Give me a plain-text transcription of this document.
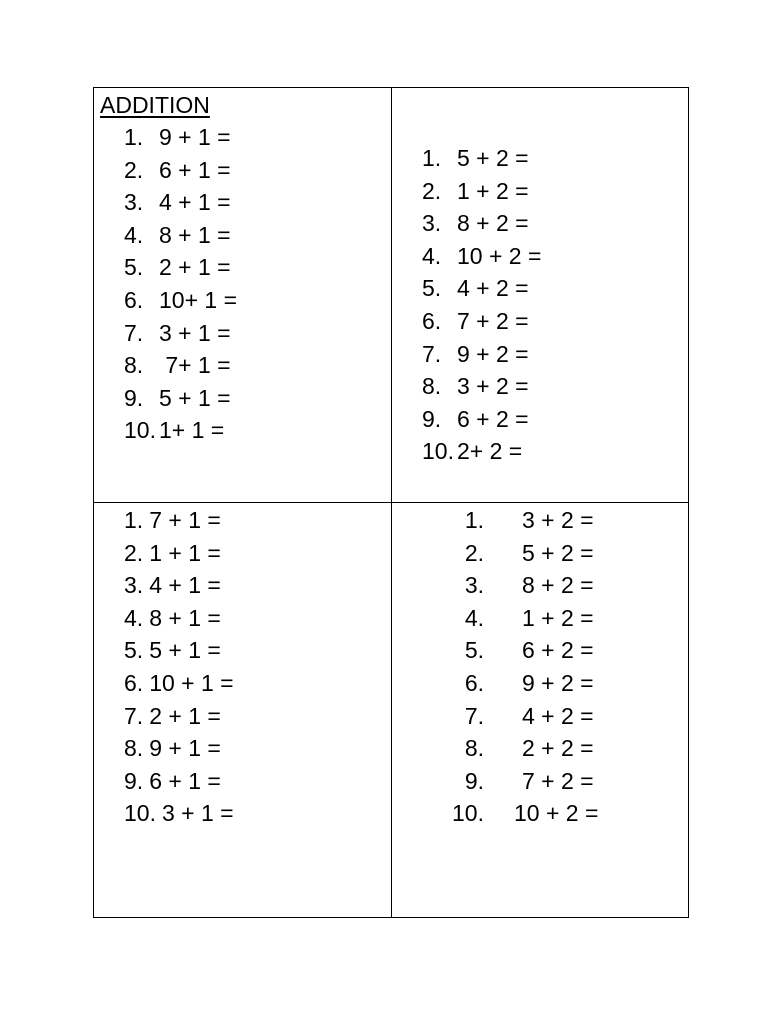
ADDITION
1. 9 + 1 =
2. 6 + 1 =
3. 4 + 1 =
4. 8 + 1 =
5. 2 + 1 =
6. 10+ 1 =
7. 3 + 1 =
8. 7+ 1 =
9. 5 + 1 =
10. 1+ 1 =
1. 5 + 2 =
2. 1 + 2 =
3. 8 + 2 =
4. 10 + 2 =
5. 4 + 2 =
6. 7 + 2 =
7. 9 + 2 =
8. 3 + 2 =
9. 6 + 2 =
10. 2+ 2 =
1. 7 + 1 =
2. 1 + 1 =
3. 4 + 1 =
4. 8 + 1 =
5. 5 + 1 =
6. 10 + 1 =
7. 2 + 1 =
8. 9 + 1 =
9. 6 + 1 =
10. 3 + 1 =
1.	3 + 2 =
2.	5 + 2 =
3.	8 + 2 =
4.	1 + 2 =
5.	6 + 2 =
6.	9 + 2 =
7.	4 + 2 =
8.	2 + 2 =
9.	7 + 2 =
10.	10 + 2 =
